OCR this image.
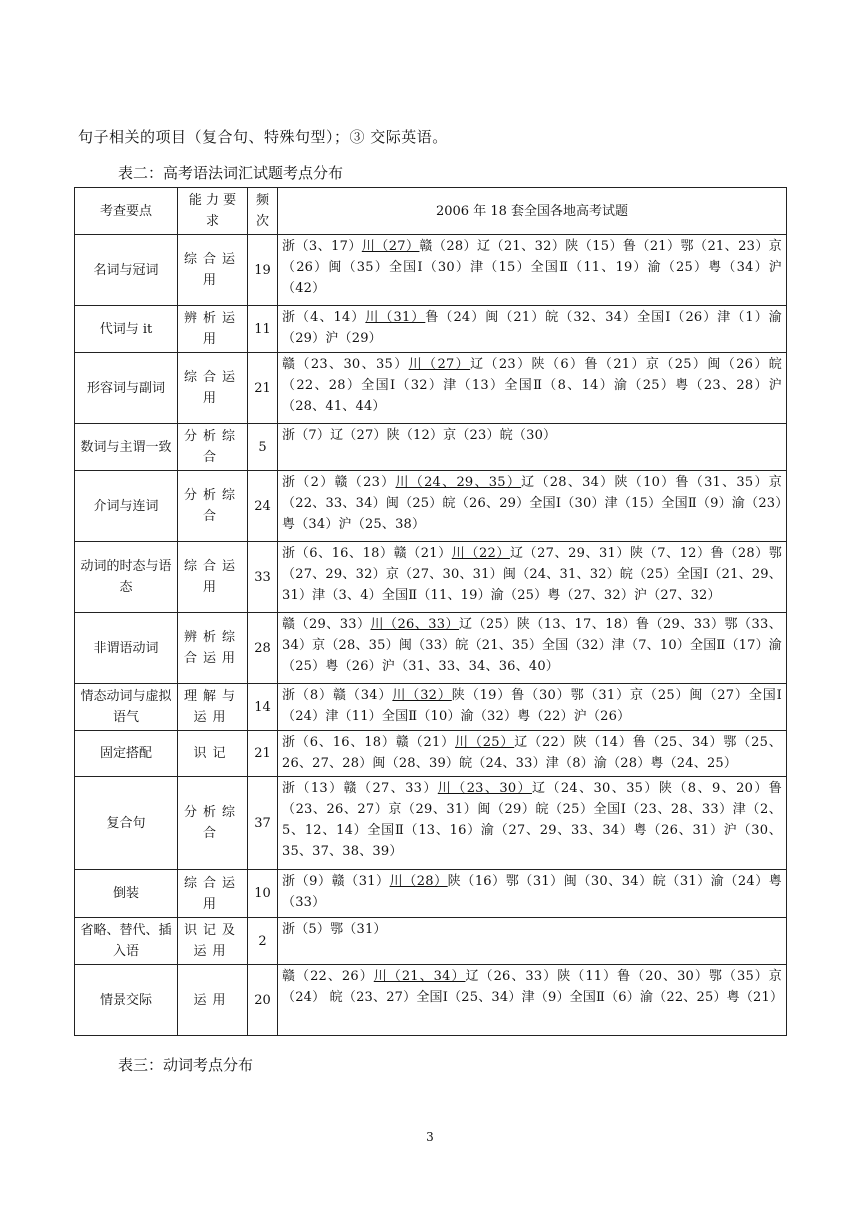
句子相关的项目（复合句、特殊句型）；③ 交际英语。
表二：高考语法词汇试题考点分布
考查要点	能 力 要 求	频 次	2006 年 18 套全国各地高考试题
名词与冠词	综合运用	19	浙（3、17）川（27）赣（28）辽（21、32）陕（15）鲁（21）鄂（21、23）京（26）闽（35）全国Ⅰ（30）津（15）全国Ⅱ（11、19）渝（25）粤（34）沪（42）
代词与 it	辨析运用	11	浙（4、14）川（31）鲁（24）闽（21）皖（32、34）全国Ⅰ（26）津（1）渝（29）沪（29）
形容词与副词	综合运用	21	赣（23、30、35）川（27）辽（23）陕（6）鲁（21）京（25）闽（26）皖（22、28）全国Ⅰ（32）津（13）全国Ⅱ（8、14）渝（25）粤（23、28）沪（28、41、44）
数词与主谓一致	分析综合	5	浙（7）辽（27）陕（12）京（23）皖（30）
介词与连词	分析综合	24	浙（2）赣（23）川（24、29、35）辽（28、34）陕（10）鲁（31、35）京（22、33、34）闽（25）皖（26、29）全国Ⅰ（30）津（15）全国Ⅱ（9）渝（23）粤（34）沪（25、38）
动词的时态与语态	综合运用	33	浙（6、16、18）赣（21）川（22）辽（27、29、31）陕（7、12）鲁（28）鄂（27、29、32）京（27、30、31）闽（24、31、32）皖（25）全国Ⅰ（21、29、31）津（3、4）全国Ⅱ（11、19）渝（25）粤（27、32）沪（27、32）
非谓语动词	辨析综合运用	28	赣（29、33）川（26、33）辽（25）陕（13、17、18）鲁（29、33）鄂（33、34）京（28、35）闽（33）皖（21、35）全国（32）津（7、10）全国Ⅱ（17）渝（25）粤（26）沪（31、33、34、36、40）
情态动词与虚拟语气	理解与运用	14	浙（8）赣（34）川（32）陕（19）鲁（30）鄂（31）京（25）闽（27）全国Ⅰ（24）津（11）全国Ⅱ（10）渝（32）粤（22）沪（26）
固定搭配	识记	21	浙（6、16、18）赣（21）川（25）辽（22）陕（14）鲁（25、34）鄂（25、26、27、28）闽（28、39）皖（24、33）津（8）渝（28）粤（24、25）
复合句	分析综合	37	浙（13）赣（27、33）川（23、30）辽（24、30、35）陕（8、9、20）鲁（23、26、27）京（29、31）闽（29）皖（25）全国Ⅰ（23、28、33）津（2、5、12、14）全国Ⅱ（13、16）渝（27、29、33、34）粤（26、31）沪（30、35、37、38、39）
倒装	综合运用	10	浙（9）赣（31）川（28）陕（16）鄂（31）闽（30、34）皖（31）渝（24）粤（33）
省略、替代、插入语	识记及运用	2	浙（5）鄂（31）
情景交际	运用	20	赣（22、26）川（21、34）辽（26、33）陕（11）鲁（20、30）鄂（35）京（24） 皖（23、27）全国Ⅰ（25、34）津（9）全国Ⅱ（6）渝（22、25）粤（21）
表三：动词考点分布
3
